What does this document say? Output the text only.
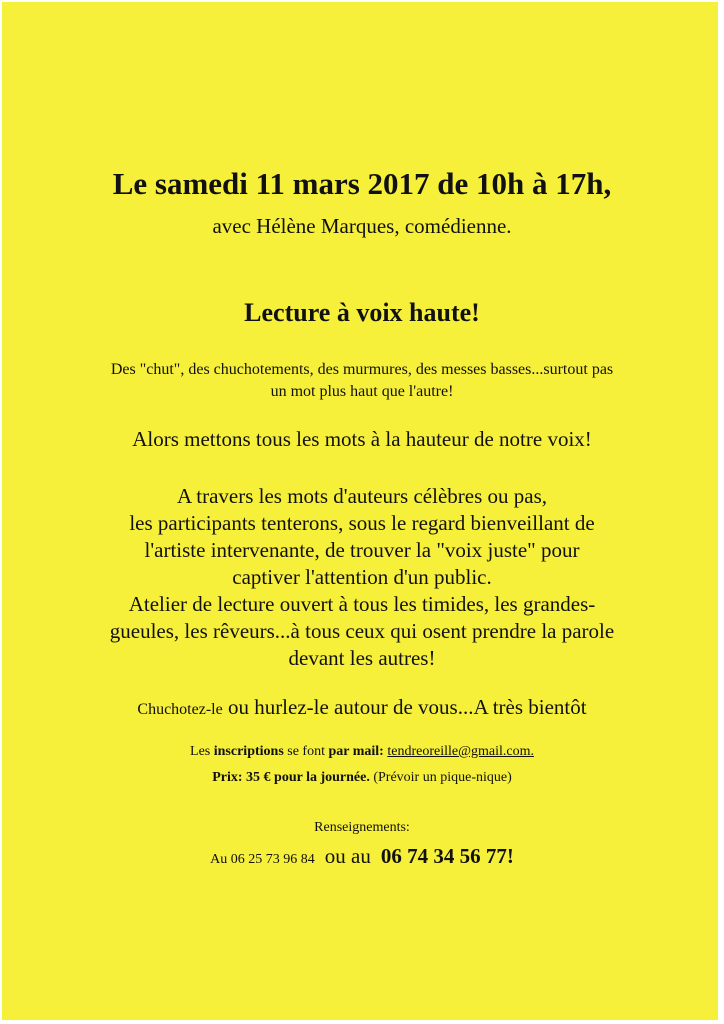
Le samedi 11 mars 2017 de 10h à 17h,
avec Hélène Marques, comédienne.
Lecture à voix haute!
Des "chut", des chuchotements, des murmures, des messes basses...surtout pas
un mot plus haut que l'autre!
Alors mettons tous les mots à la hauteur de notre voix!
A travers les mots d'auteurs célèbres ou pas,
les participants tenterons, sous le regard bienveillant de
l'artiste intervenante, de trouver la "voix juste" pour
captiver l'attention d'un public.
Atelier de lecture ouvert à tous les timides, les grandes-
gueules, les rêveurs...à tous ceux qui osent prendre la parole
devant les autres!
Chuchotez-le ou hurlez-le autour de vous...A très bientôt
Les inscriptions se font par mail: tendreoreille@gmail.com.
Prix: 35 € pour la journée. (Prévoir un pique-nique)
Renseignements:
Au 06 25 73 96 84 ou au 06 74 34 56 77!
